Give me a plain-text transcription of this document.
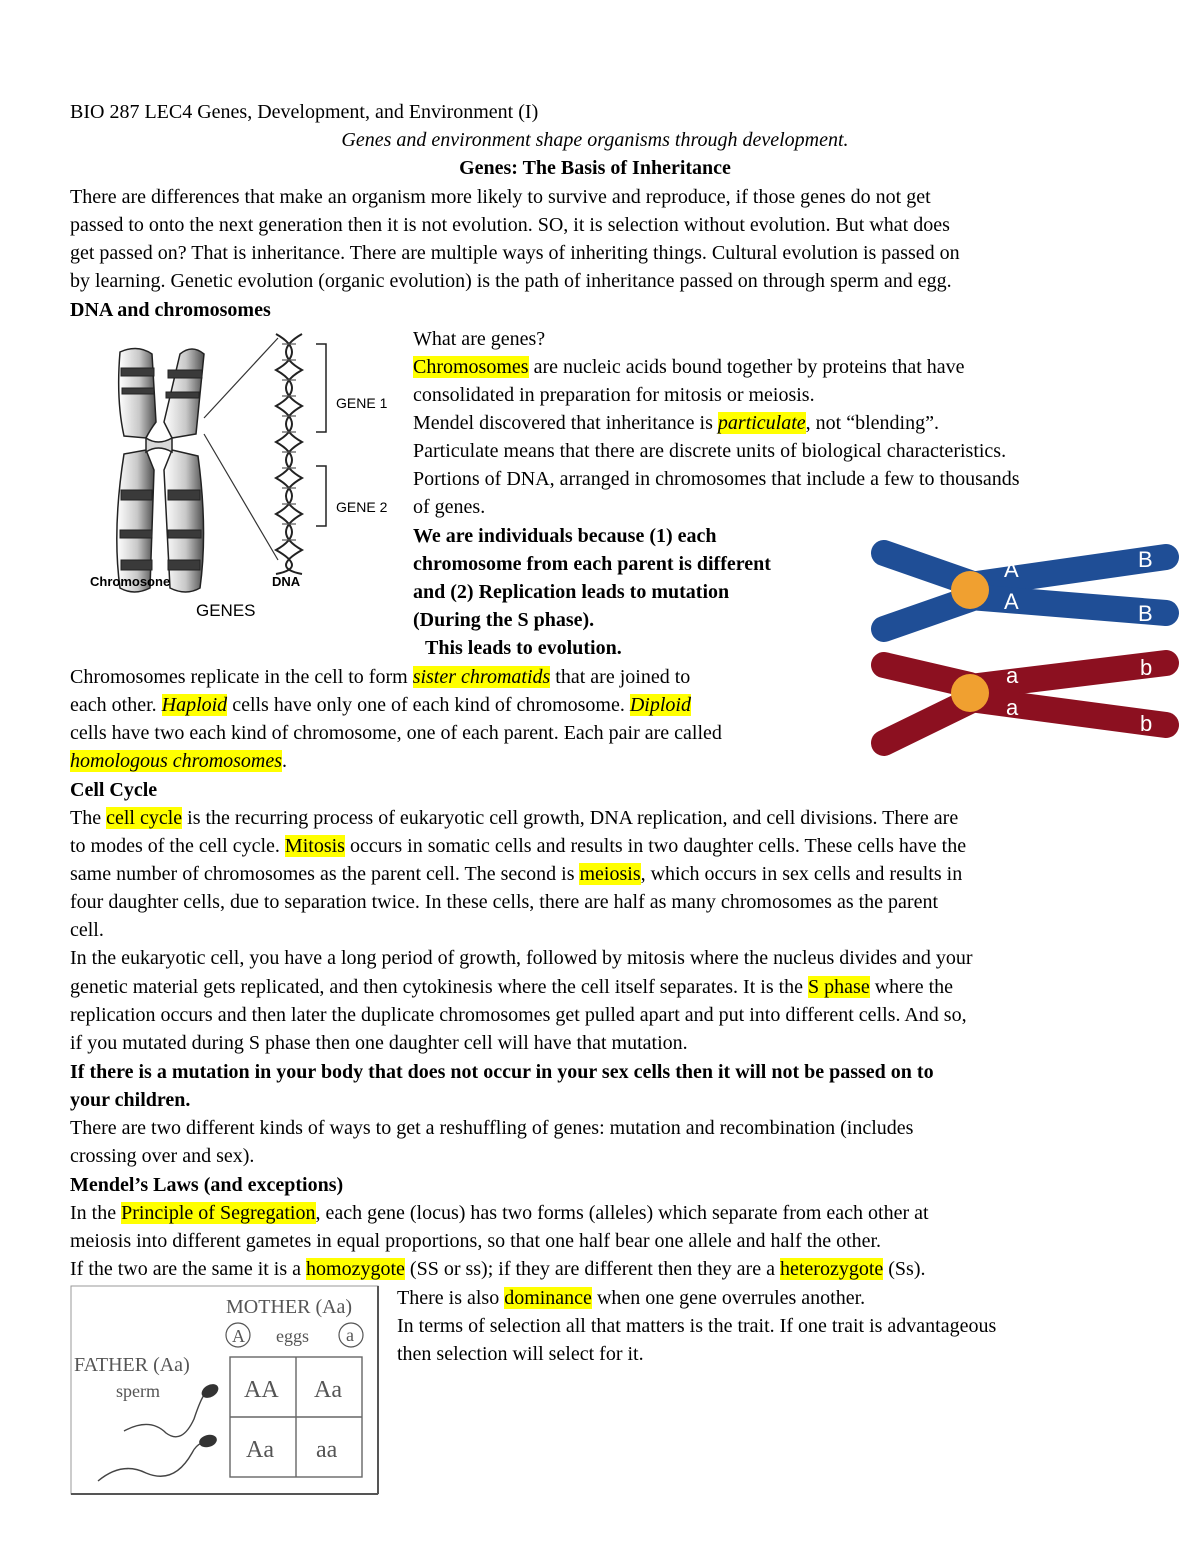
BIO 287 LEC4 Genes, Development, and Environment (I)
Genes and environment shape organisms through development.
Genes: The Basis of Inheritance
There are differences that make an organism more likely to survive and reproduce, if those genes do not get
passed to onto the next generation then it is not evolution. SO, it is selection without evolution. But what does
get passed on? That is inheritance. There are multiple ways of inheriting things. Cultural evolution is passed on
by learning. Genetic evolution (organic evolution) is the path of inheritance passed on through sperm and egg.
DNA and chromosomes
GENE 1
GENE 2
Chromosone	DNA
GENES
What are genes?
Chromosomes are nucleic acids bound together by proteins that have
consolidated in preparation for mitosis or meiosis.
Mendel discovered that inheritance is particulate, not “blending”.
Particulate means that there are discrete units of biological characteristics.
Portions of DNA, arranged in chromosomes that include a few to thousands
of genes.
We are individuals because (1) each
chromosome from each parent is different
and (2) Replication leads to mutation
(During the S phase).
This leads to evolution.
A
A
B
B
a
a
b
b
Chromosomes replicate in the cell to form sister chromatids that are joined to
each other. Haploid cells have only one of each kind of chromosome. Diploid
cells have two each kind of chromosome, one of each parent. Each pair are called
homologous chromosomes.
Cell Cycle
The cell cycle is the recurring process of eukaryotic cell growth, DNA replication, and cell divisions. There are
to modes of the cell cycle. Mitosis occurs in somatic cells and results in two daughter cells. These cells have the
same number of chromosomes as the parent cell. The second is meiosis, which occurs in sex cells and results in
four daughter cells, due to separation twice. In these cells, there are half as many chromosomes as the parent
cell.
In the eukaryotic cell, you have a long period of growth, followed by mitosis where the nucleus divides and your
genetic material gets replicated, and then cytokinesis where the cell itself separates. It is the S phase where the
replication occurs and then later the duplicate chromosomes get pulled apart and put into different cells. And so,
if you mutated during S phase then one daughter cell will have that mutation.
If there is a mutation in your body that does not occur in your sex cells then it will not be passed on to
your children.
There are two different kinds of ways to get a reshuffling of genes: mutation and recombination (includes
crossing over and sex).
Mendel’s Laws (and exceptions)
In the Principle of Segregation, each gene (locus) has two forms (alleles) which separate from each other at
meiosis into different gametes in equal proportions, so that one half bear one allele and half the other.
If the two are the same it is a homozygote (SS or ss); if they are different then they are a heterozygote (Ss).
There is also dominance when one gene overrules another.
In terms of selection all that matters is the trait. If one trait is advantageous
then selection will select for it.
MOTHER (Aa)
A eggs a
FATHER (Aa)
sperm	AA Aa
Aa aa
